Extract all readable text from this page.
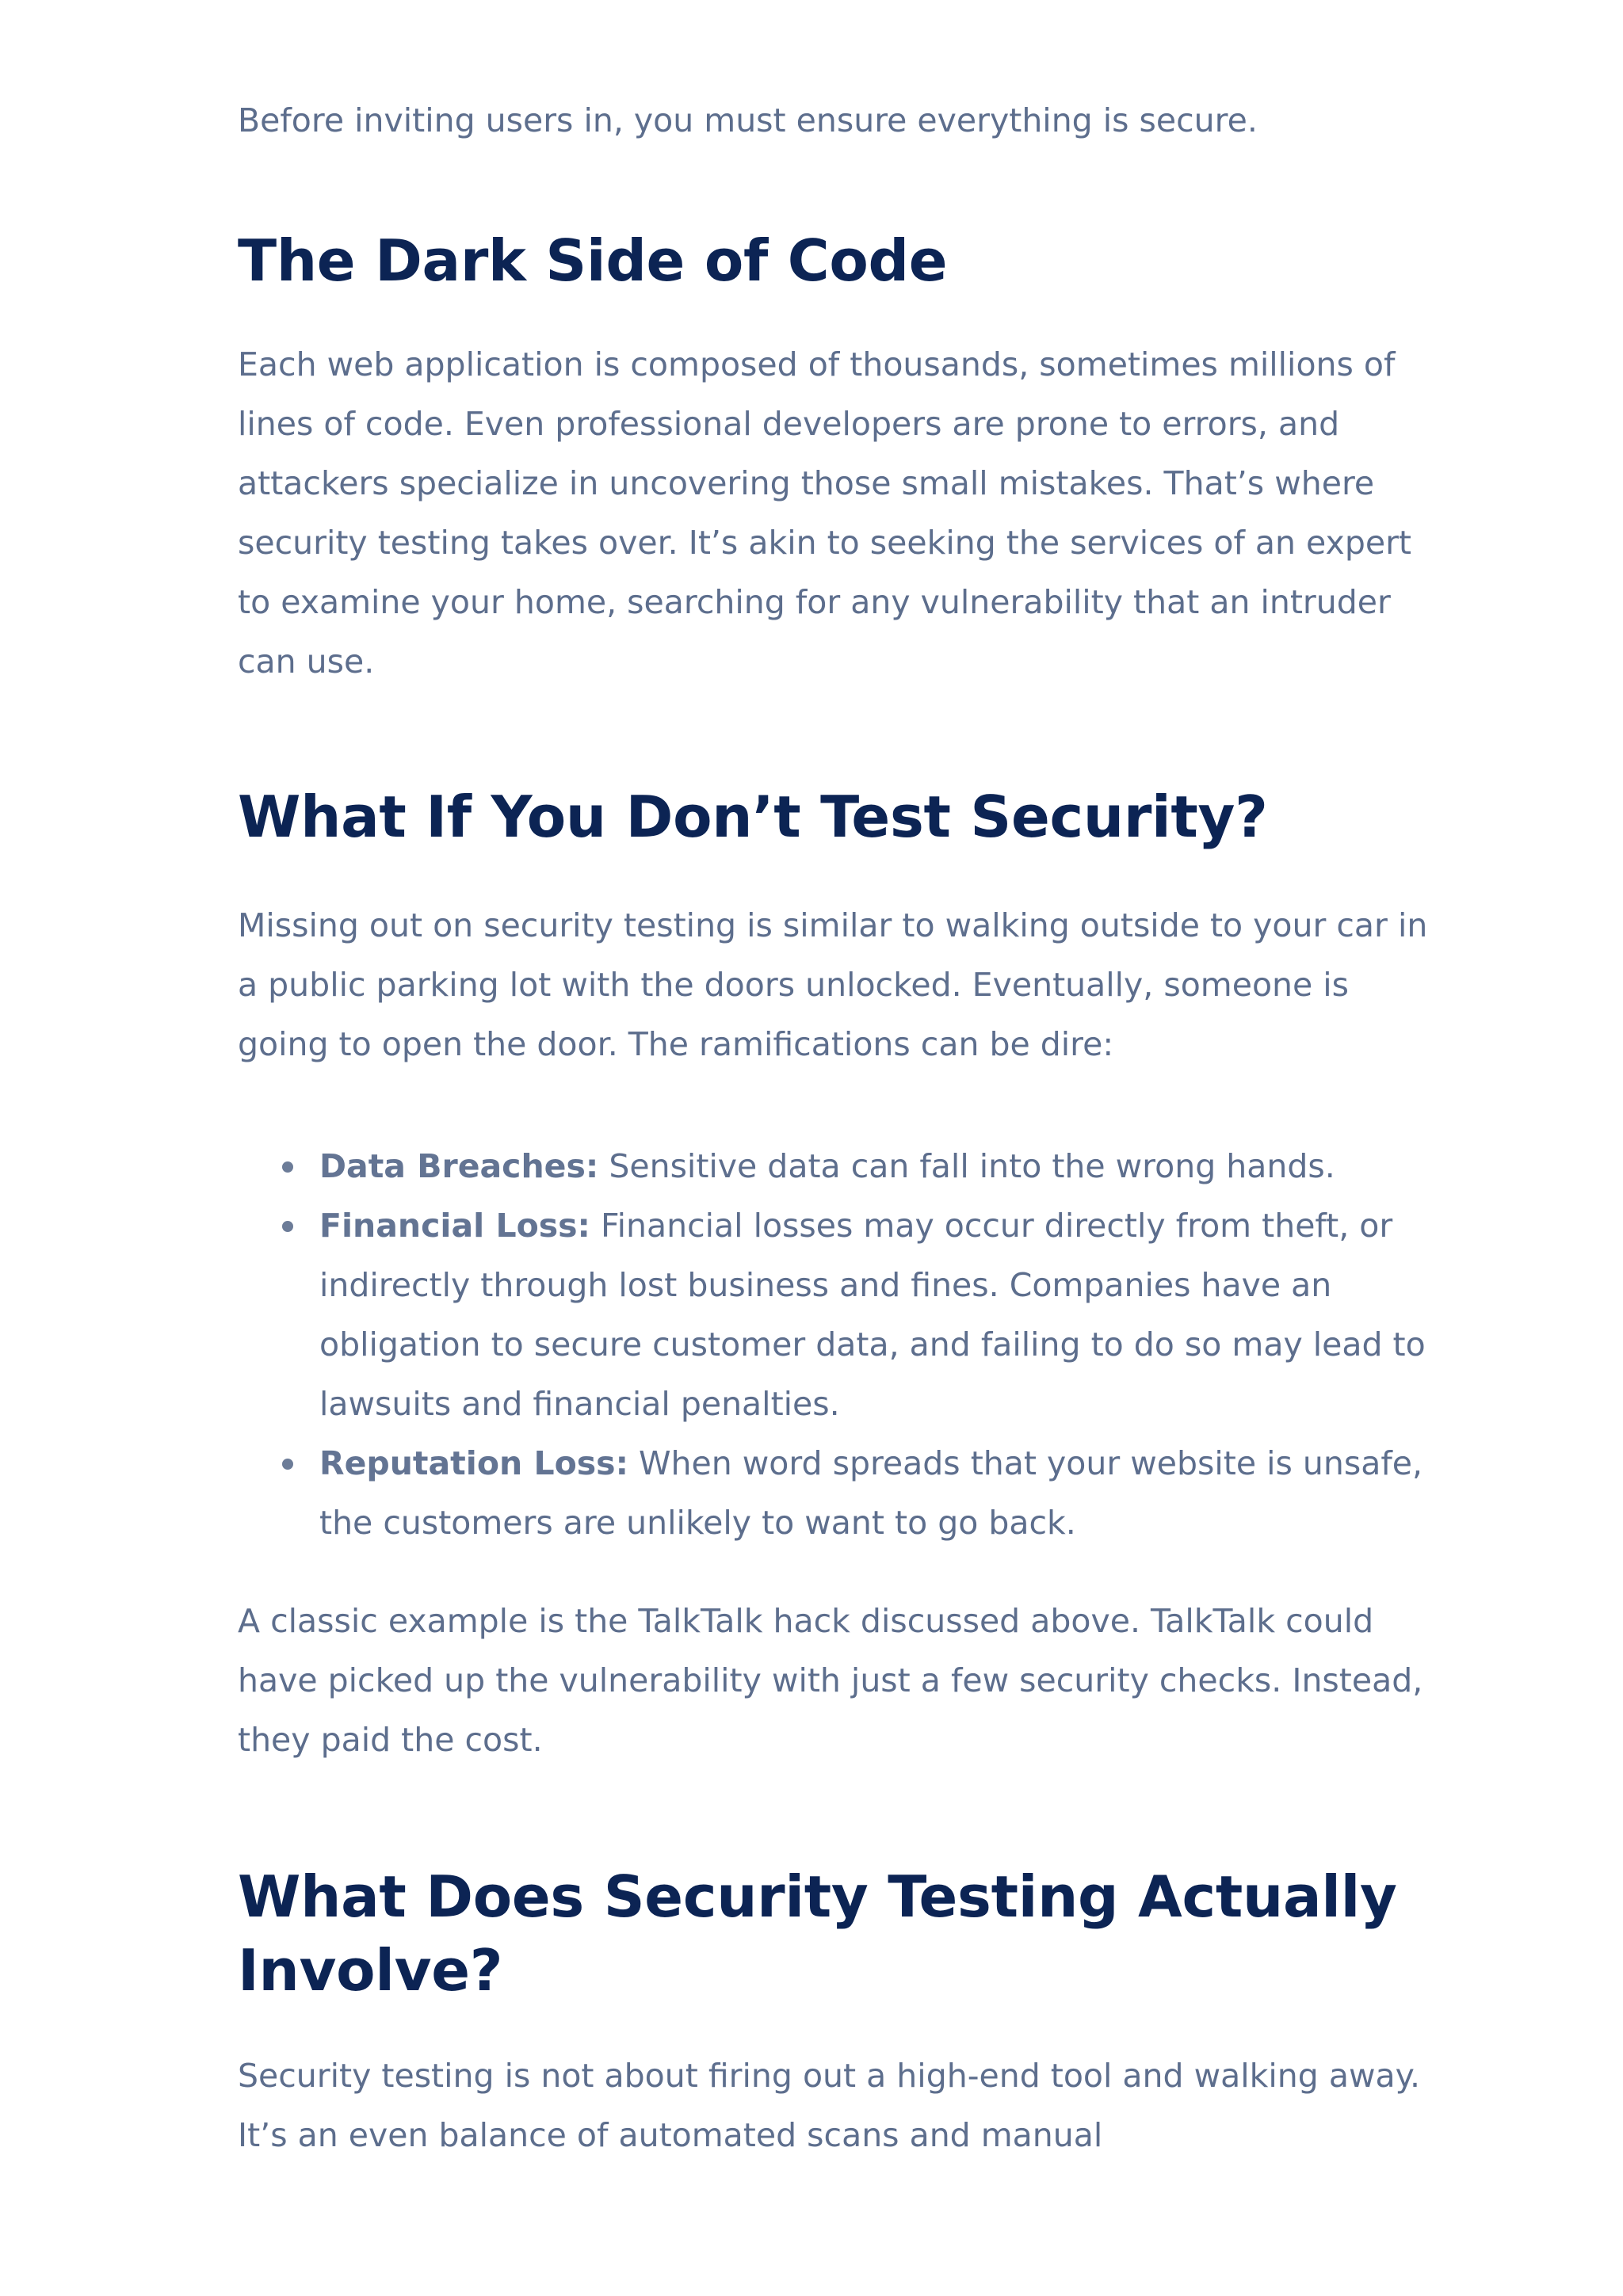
Before inviting users in, you must ensure everything is secure.

The Dark Side of Code

Each web application is composed of thousands, sometimes millions of lines of code. Even professional developers are prone to errors, and attackers specialize in uncovering those small mistakes. That’s where security testing takes over. It’s akin to seeking the services of an expert to examine your home, searching for any vulnerability that an intruder can use.

What If You Don’t Test Security?

Missing out on security testing is similar to walking outside to your car in a public parking lot with the doors unlocked. Eventually, someone is going to open the door. The ramifications can be dire:

Data Breaches: Sensitive data can fall into the wrong hands.
Financial Loss: Financial losses may occur directly from theft, or indirectly through lost business and fines. Companies have an obligation to secure customer data, and failing to do so may lead to lawsuits and financial penalties.
Reputation Loss: When word spreads that your website is unsafe, the customers are unlikely to want to go back.

A classic example is the TalkTalk hack discussed above. TalkTalk could have picked up the vulnerability with just a few security checks. Instead, they paid the cost.

What Does Security Testing Actually Involve?

Security testing is not about firing out a high-end tool and walking away. It’s an even balance of automated scans and manual
